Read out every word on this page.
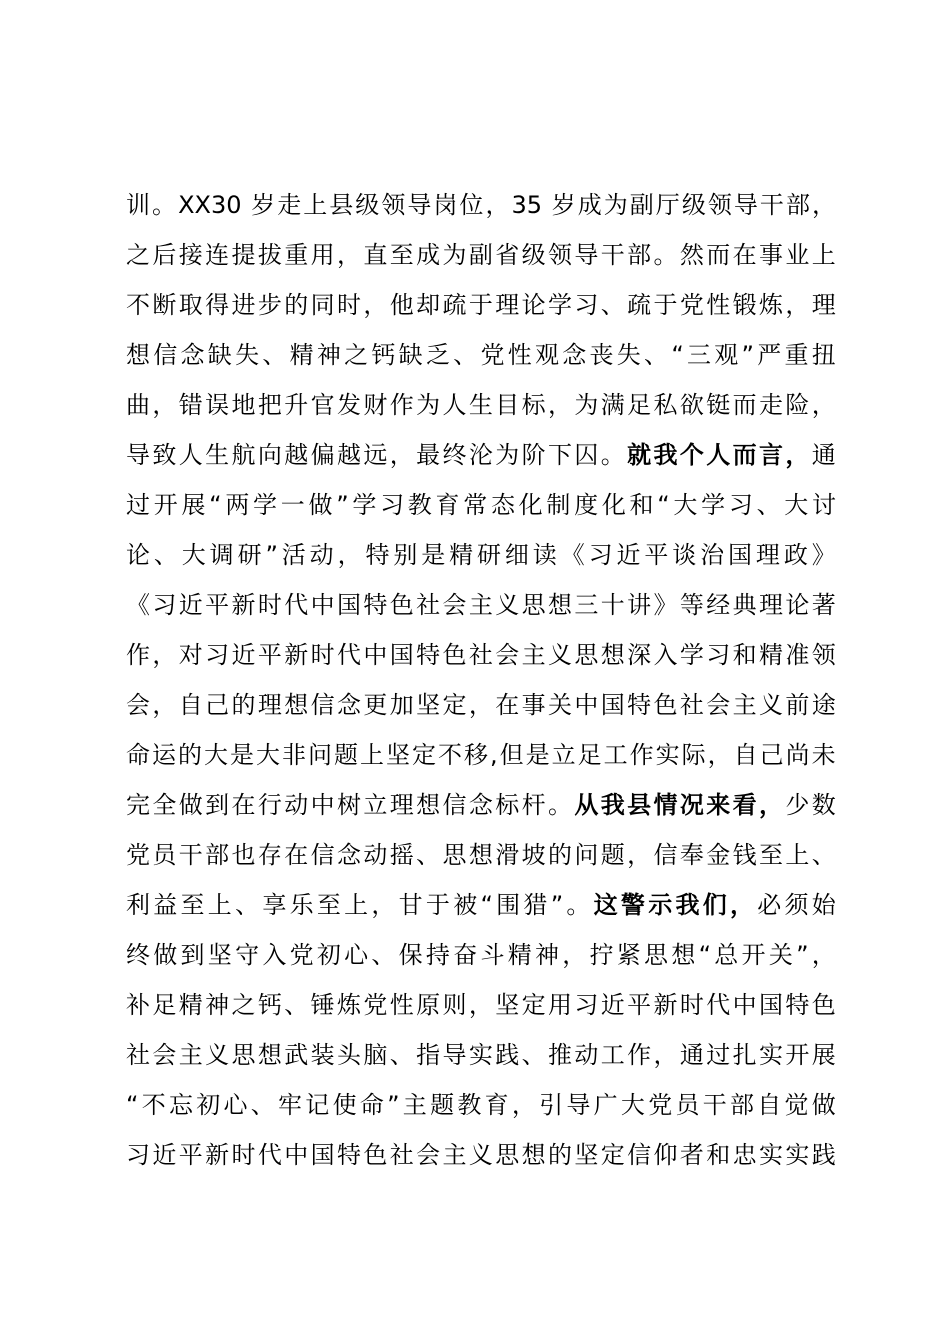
训 。 XX30 岁 走 上 县 级 领 导 岗 位 ， 35 岁 成 为 副 厅 级 领 导 干 部 ，
之 后 接 连 提 拔 重 用 ， 直 至 成 为 副 省 级 领 导 干 部 。 然 而 在 事 业 上
不 断 取 得 进 步 的 同 时 ， 他 却 疏 于 理 论 学 习 、 疏 于 党 性 锻 炼 ， 理
想 信 念 缺 失 、 精 神 之 钙 缺 乏 、 党 性 观 念 丧 失 、 “ 三 观 ” 严 重 扭
曲 ， 错 误 地 把 升 官 发 财 作 为 人 生 目 标 ， 为 满 足 私 欲 铤 而 走 险 ，
导 致 人 生 航 向 越 偏 越 远 ， 最 终 沦 为 阶 下 囚 。 就 我 个 人 而 言 ， 通
过 开 展 “ 两 学 一 做 ” 学 习 教 育 常 态 化 制 度 化 和 “ 大 学 习 、 大 讨
论 、 大 调 研 ” 活 动 ， 特 别 是 精 研 细 读 《 习 近 平 谈 治 国 理 政 》
《 习 近 平 新 时 代 中 国 特 色 社 会 主 义 思 想 三 十 讲 》 等 经 典 理 论 著
作 ， 对 习 近 平 新 时 代 中 国 特 色 社 会 主 义 思 想 深 入 学 习 和 精 准 领
会 ， 自 己 的 理 想 信 念 更 加 坚 定 ， 在 事 关 中 国 特 色 社 会 主 义 前 途
命 运 的 大 是 大 非 问 题 上 坚 定 不 移 , 但 是 立 足 工 作 实 际 ， 自 己 尚 未
完 全 做 到 在 行 动 中 树 立 理 想 信 念 标 杆 。 从 我 县 情 况 来 看 ， 少 数
党 员 干 部 也 存 在 信 念 动 摇 、 思 想 滑 坡 的 问 题 ， 信 奉 金 钱 至 上 、
利 益 至 上 、 享 乐 至 上 ， 甘 于 被 “ 围 猎 ” 。 这 警 示 我 们 ， 必 须 始
终 做 到 坚 守 入 党 初 心 、 保 持 奋 斗 精 神 ， 拧 紧 思 想 “ 总 开 关 ” ，
补 足 精 神 之 钙 、 锤 炼 党 性 原 则 ， 坚 定 用 习 近 平 新 时 代 中 国 特 色
社 会 主 义 思 想 武 装 头 脑 、 指 导 实 践 、 推 动 工 作 ， 通 过 扎 实 开 展
“ 不 忘 初 心 、 牢 记 使 命 ” 主 题 教 育 ， 引 导 广 大 党 员 干 部 自 觉 做
习 近 平 新 时 代 中 国 特 色 社 会 主 义 思 想 的 坚 定 信 仰 者 和 忠 实 实 践
